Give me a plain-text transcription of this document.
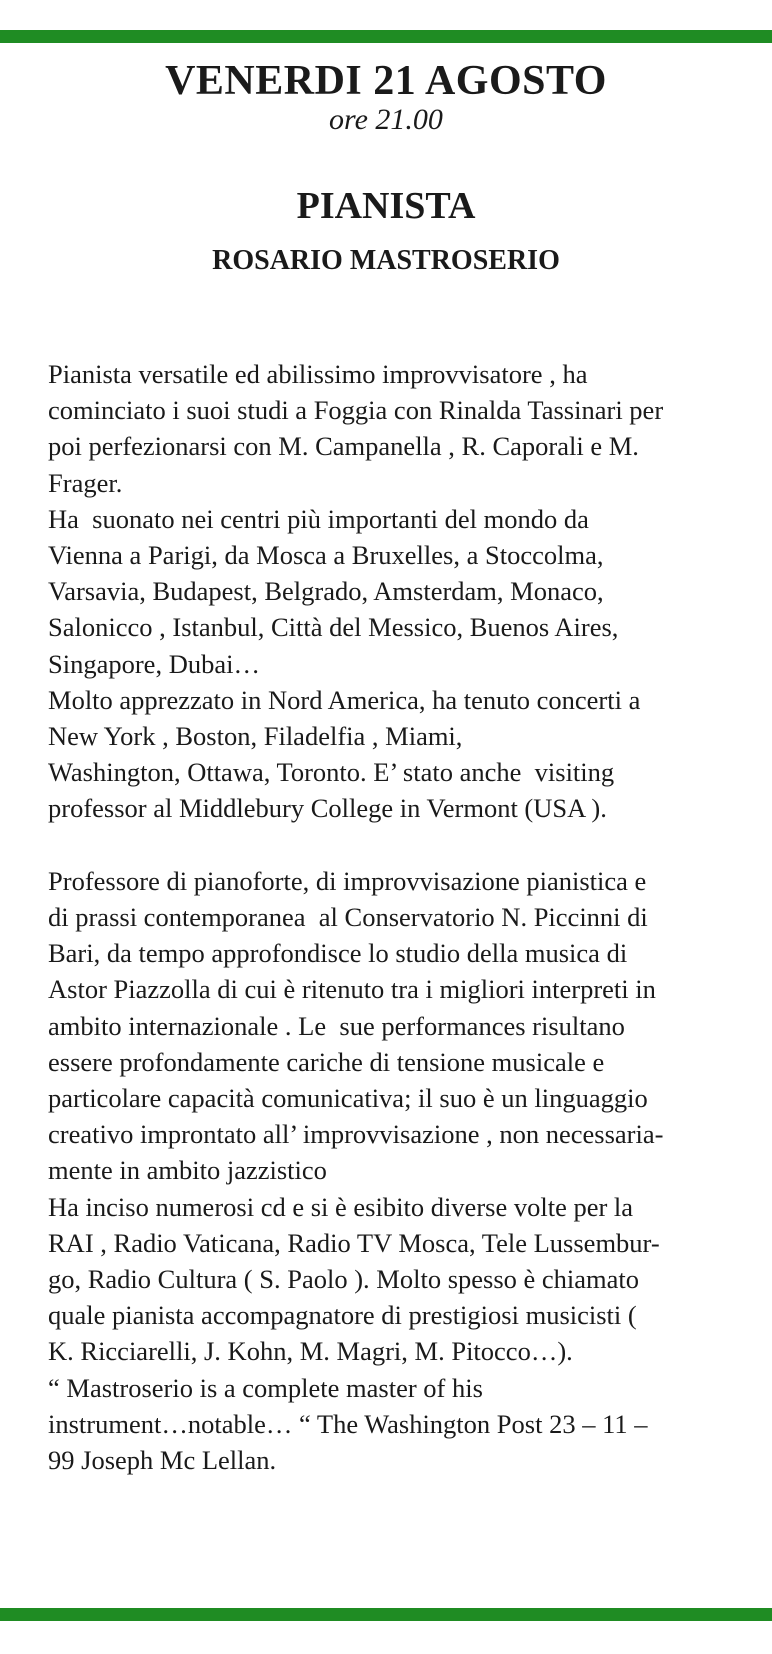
VENERDI 21 AGOSTO
ore 21.00
PIANISTA
ROSARIO MASTROSERIO
Pianista versatile ed abilissimo improvvisatore , ha
cominciato i suoi studi a Foggia con Rinalda Tassinari per
poi perfezionarsi con M. Campanella , R. Caporali e M.
Frager.
Ha  suonato nei centri più importanti del mondo da
Vienna a Parigi, da Mosca a Bruxelles, a Stoccolma,
Varsavia, Budapest, Belgrado, Amsterdam, Monaco,
Salonicco , Istanbul, Città del Messico, Buenos Aires,
Singapore, Dubai…
Molto apprezzato in Nord America, ha tenuto concerti a
New York , Boston, Filadelfia , Miami,
Washington, Ottawa, Toronto. E’ stato anche  visiting
professor al Middlebury College in Vermont (USA ).
Professore di pianoforte, di improvvisazione pianistica e
di prassi contemporanea  al Conservatorio N. Piccinni di
Bari, da tempo approfondisce lo studio della musica di
Astor Piazzolla di cui è ritenuto tra i migliori interpreti in
ambito internazionale . Le  sue performances risultano
essere profondamente cariche di tensione musicale e
particolare capacità comunicativa; il suo è un linguaggio
creativo improntato all’ improvvisazione , non necessaria-
mente in ambito jazzistico
Ha inciso numerosi cd e si è esibito diverse volte per la
RAI , Radio Vaticana, Radio TV Mosca, Tele Lussembur-
go, Radio Cultura ( S. Paolo ). Molto spesso è chiamato
quale pianista accompagnatore di prestigiosi musicisti (
K. Ricciarelli, J. Kohn, M. Magri, M. Pitocco…).
“ Mastroserio is a complete master of his
instrument…notable… “ The Washington Post 23 – 11 –
99 Joseph Mc Lellan.
